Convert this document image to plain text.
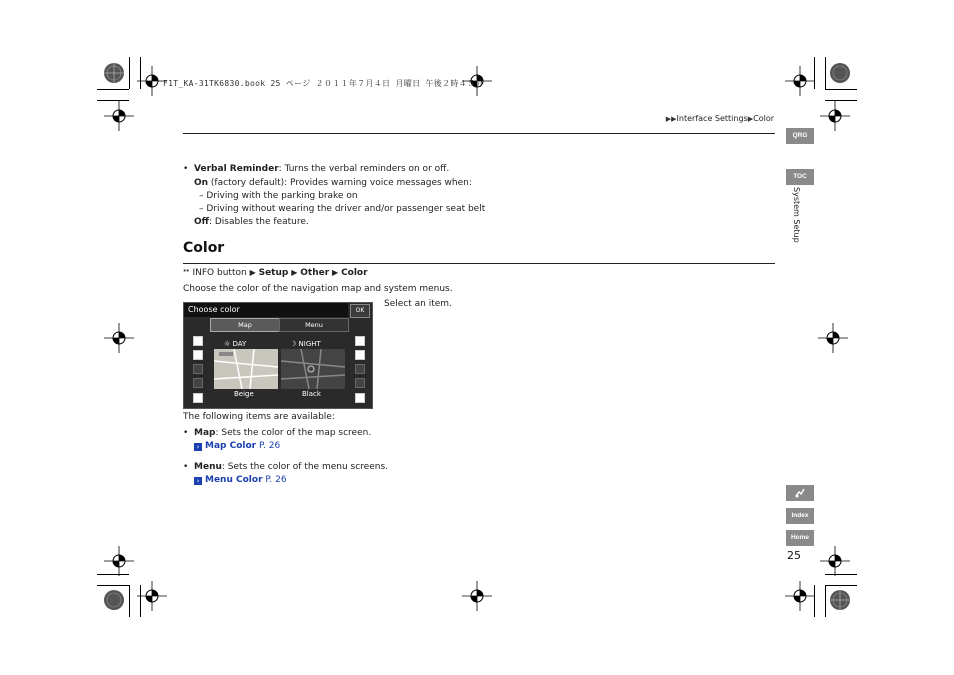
F1T_KA-31TK6830.book 25 ページ ２０１１年７月４日 月曜日 午後２時４５分
▶▶Interface Settings▶Color
QRG
TOC
System Setup
Index
Home
25
•  Verbal Reminder: Turns the verbal reminders on or off.
On (factory default): Provides warning voice messages when:
– Driving with the parking brake on
– Driving without wearing the driver and/or passenger seat belt
Off: Disables the feature.
Color
ᕯ INFO button ▶ Setup ▶ Other ▶ Color
Choose the color of the navigation map and system menus.
Choose color	OK
Map	Menu
☼ DAY	☽ NIGHT
Beige	Black
Select an item.
The following items are available:
•  Map: Sets the color of the map screen.
› Map Color P. 26
•  Menu: Sets the color of the menu screens.
› Menu Color P. 26
